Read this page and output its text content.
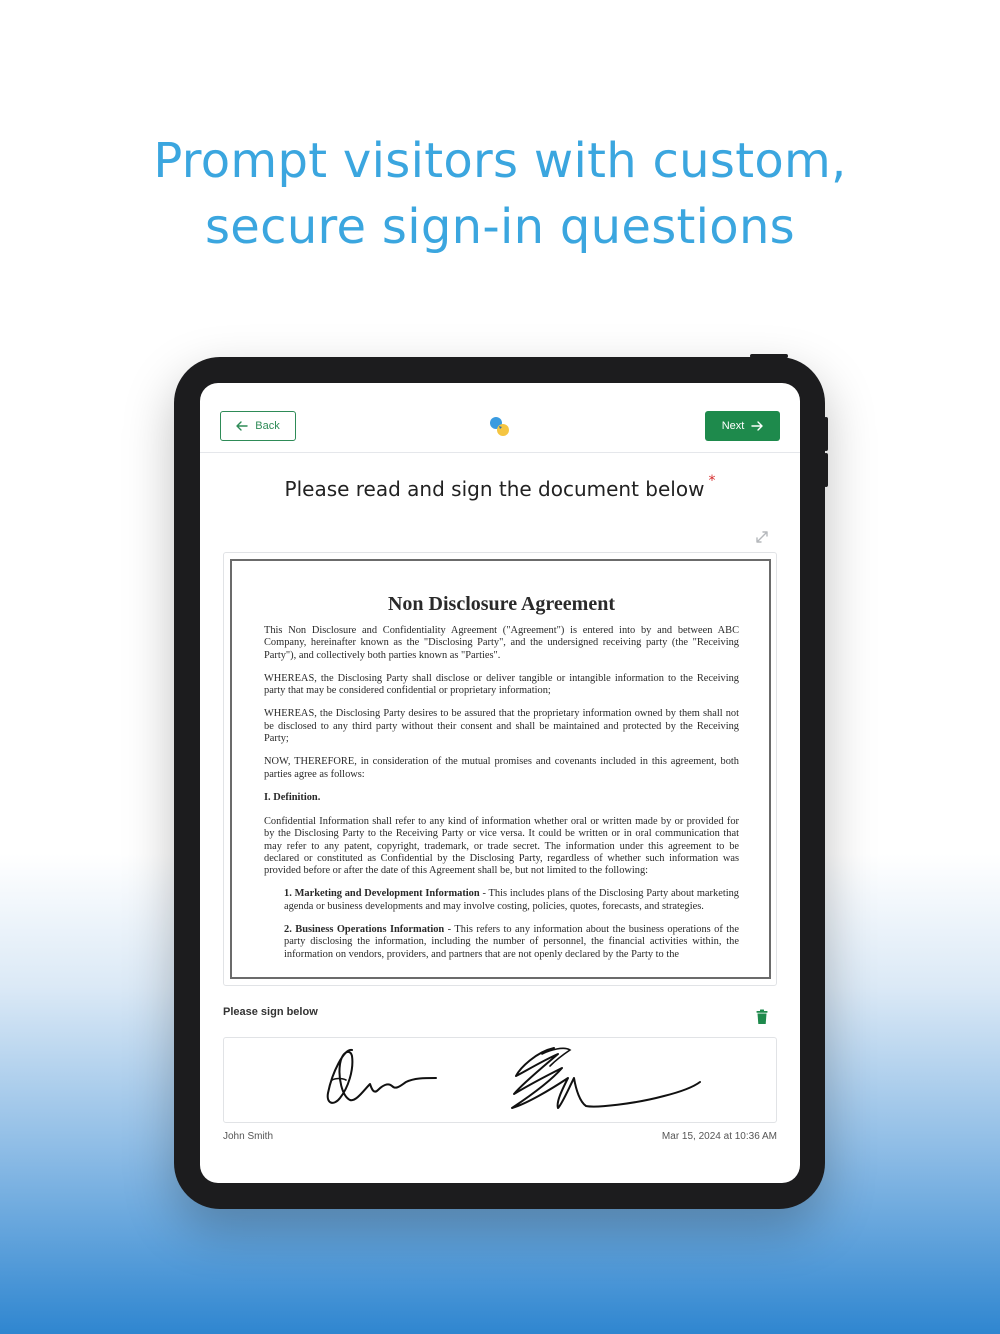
Prompt visitors with custom,
secure sign-in questions
Back	Next
Please read and sign the document below *
Non Disclosure Agreement

This Non Disclosure and Confidentiality Agreement ("Agreement") is entered into by and between ABC Company, hereinafter known as the "Disclosing Party", and the undersigned receiving party (the "Receiving Party"), and collectively both parties known as "Parties".

WHEREAS, the Disclosing Party shall disclose or deliver tangible or intangible information to the Receiving party that may be considered confidential or proprietary information;

WHEREAS, the Disclosing Party desires to be assured that the proprietary information owned by them shall not be disclosed to any third party without their consent and shall be maintained and protected by the Receiving Party;

NOW, THEREFORE, in consideration of the mutual promises and covenants included in this agreement, both parties agree as follows:

I. Definition.

Confidential Information shall refer to any kind of information whether oral or written made by or provided for by the Disclosing Party to the Receiving Party or vice versa. It could be written or in oral communication that may refer to any patent, copyright, trademark, or trade secret. The information under this agreement to be declared or constituted as Confidential by the Disclosing Party, regardless of whether such information was provided before or after the date of this Agreement shall be, but not limited to the following:

1. Marketing and Development Information - This includes plans of the Disclosing Party about marketing agenda or business developments and may involve costing, policies, quotes, forecasts, and strategies.

2. Business Operations Information - This refers to any information about the business operations of the party disclosing the information, including the number of personnel, the financial activities within, the information on vendors, providers, and partners that are not openly declared by the Party to the

Please sign below
John Smith	Mar 15, 2024 at 10:36 AM
